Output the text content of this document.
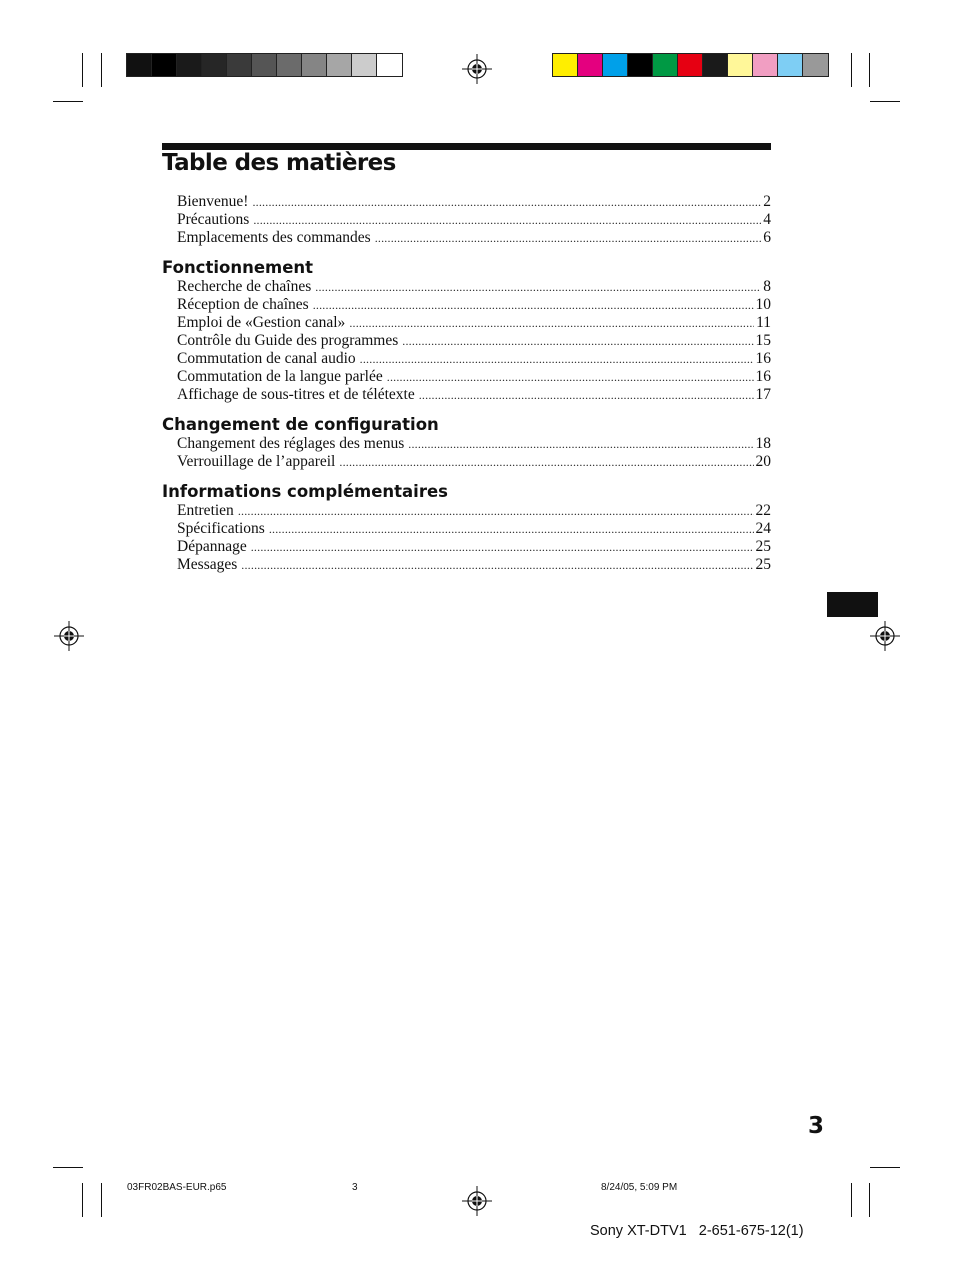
Table des matières
Bienvenue! . . .	2
Précautions . . .	4
Emplacements des commandes . . .	6
Fonctionnement
Recherche de chaînes . . .	8
Réception de chaînes . . .	10
Emploi de «Gestion canal» . . .	11
Contrôle du Guide des programmes . . .	15
Commutation de canal audio . . .	16
Commutation de la langue parlée . . .	16
Affichage de sous-titres et de télétexte . . .	17
Changement de configuration
Changement des réglages des menus . . .	18
Verrouillage de l’appareil . . .	20
Informations complémentaires
Entretien . . .	22
Spécifications . . .	24
Dépannage . . .	25
Messages . . .	25
3
03FR02BAS-EUR.p65	3	8/24/05, 5:09 PM
Sony XT-DTV1   2-651-675-12(1)
